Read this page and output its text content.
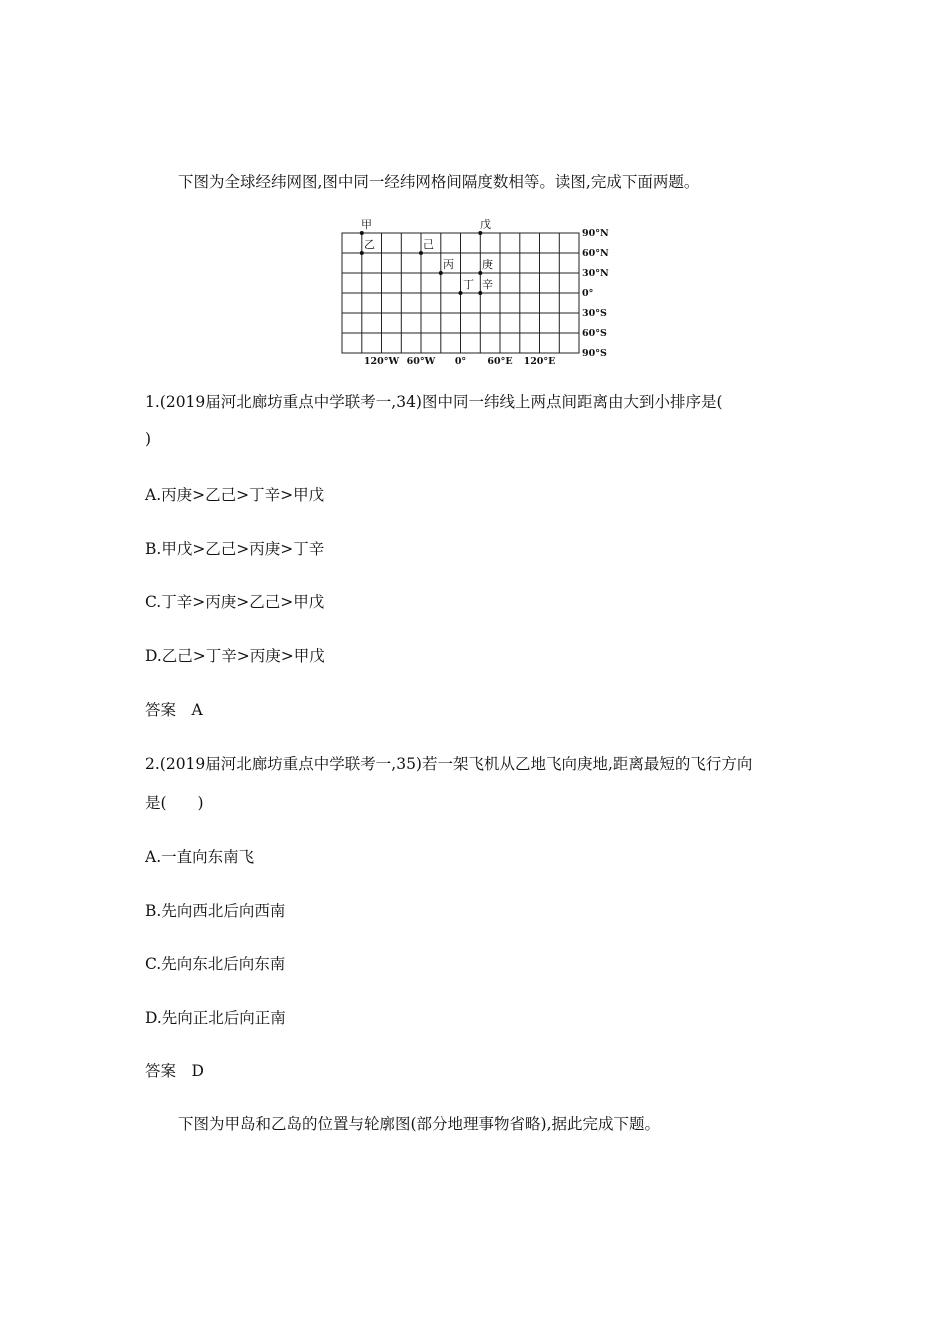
下图为全球经纬网图,图中同一经纬网格间隔度数相等。读图,完成下面两题。
90°N
60°N
30°N
0°
30°S
60°S
90°S
120°W 60°W 0° 60°E 120°E
甲	戊
乙	己
丙	庚
丁 辛
1.(2019届河北廊坊重点中学联考一,34)图中同一纬线上两点间距离由大到小排序是(
)
A.丙庚>乙己>丁辛>甲戊
B.甲戊>乙己>丙庚>丁辛
C.丁辛>丙庚>乙己>甲戊
D.乙己>丁辛>丙庚>甲戊
答案　A
2.(2019届河北廊坊重点中学联考一,35)若一架飞机从乙地飞向庚地,距离最短的飞行方向
是(　　)
A.一直向东南飞
B.先向西北后向西南
C.先向东北后向东南
D.先向正北后向正南
答案　D
下图为甲岛和乙岛的位置与轮廓图(部分地理事物省略),据此完成下题。
